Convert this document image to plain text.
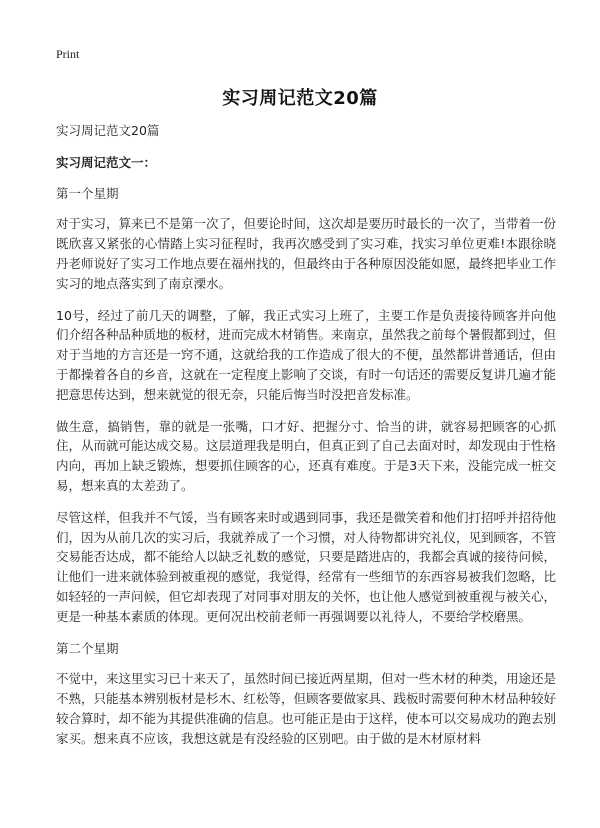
Print
实习周记范文20篇

实习周记范文20篇

实习周记范文一：

第一个星期

对于实习，算来已不是第一次了，但要论时间，这次却是要历时最长的一次了，当带着一份既欣喜又紧张的心情踏上实习征程时，我再次感受到了实习难，找实习单位更难!本跟徐晓丹老师说好了实习工作地点要在福州找的，但最终由于各种原因没能如愿，最终把毕业工作实习的地点落实到了南京溧水。

10号，经过了前几天的调整，了解，我正式实习上班了，主要工作是负责接待顾客并向他们介绍各种品种质地的板材，进而完成木材销售。来南京，虽然我之前每个暑假都到过，但对于当地的方言还是一窍不通，这就给我的工作造成了很大的不便，虽然都讲普通话，但由于都操着各自的乡音，这就在一定程度上影响了交谈，有时一句话还的需要反复讲几遍才能把意思传达到，想来就觉的很无奈，只能后悔当时没把音发标准。

做生意，搞销售，靠的就是一张嘴，口才好、把握分寸、恰当的讲，就容易把顾客的心抓住，从而就可能达成交易。这层道理我是明白，但真正到了自己去面对时，却发现由于性格内向，再加上缺乏锻炼，想要抓住顾客的心，还真有难度。于是3天下来，没能完成一桩交易，想来真的太差劲了。

尽管这样，但我并不气馁，当有顾客来时或遇到同事，我还是微笑着和他们打招呼并招待他们，因为从前几次的实习后，我就养成了一个习惯，对人待物都讲究礼仪，见到顾客，不管交易能否达成，都不能给人以缺乏礼数的感觉，只要是踏进店的，我都会真诚的接待问候，让他们一进来就体验到被重视的感觉，我觉得，经常有一些细节的东西容易被我们忽略，比如轻轻的一声问候，但它却表现了对同事对朋友的关怀，也让他人感觉到被重视与被关心，更是一种基本素质的体现。更何况出校前老师一再强调要以礼待人，不要给学校磨黑。

第二个星期

不觉中，来这里实习已十来天了，虽然时间已接近两星期，但对一些木材的种类，用途还是不熟，只能基本辨别板材是杉木、红松等，但顾客要做家具、践板时需要何种木材品种较好较合算时，却不能为其提供准确的信息。也可能正是由于这样，使本可以交易成功的跑去别家买。想来真不应该，我想这就是有没经验的区别吧。由于做的是木材原材料
